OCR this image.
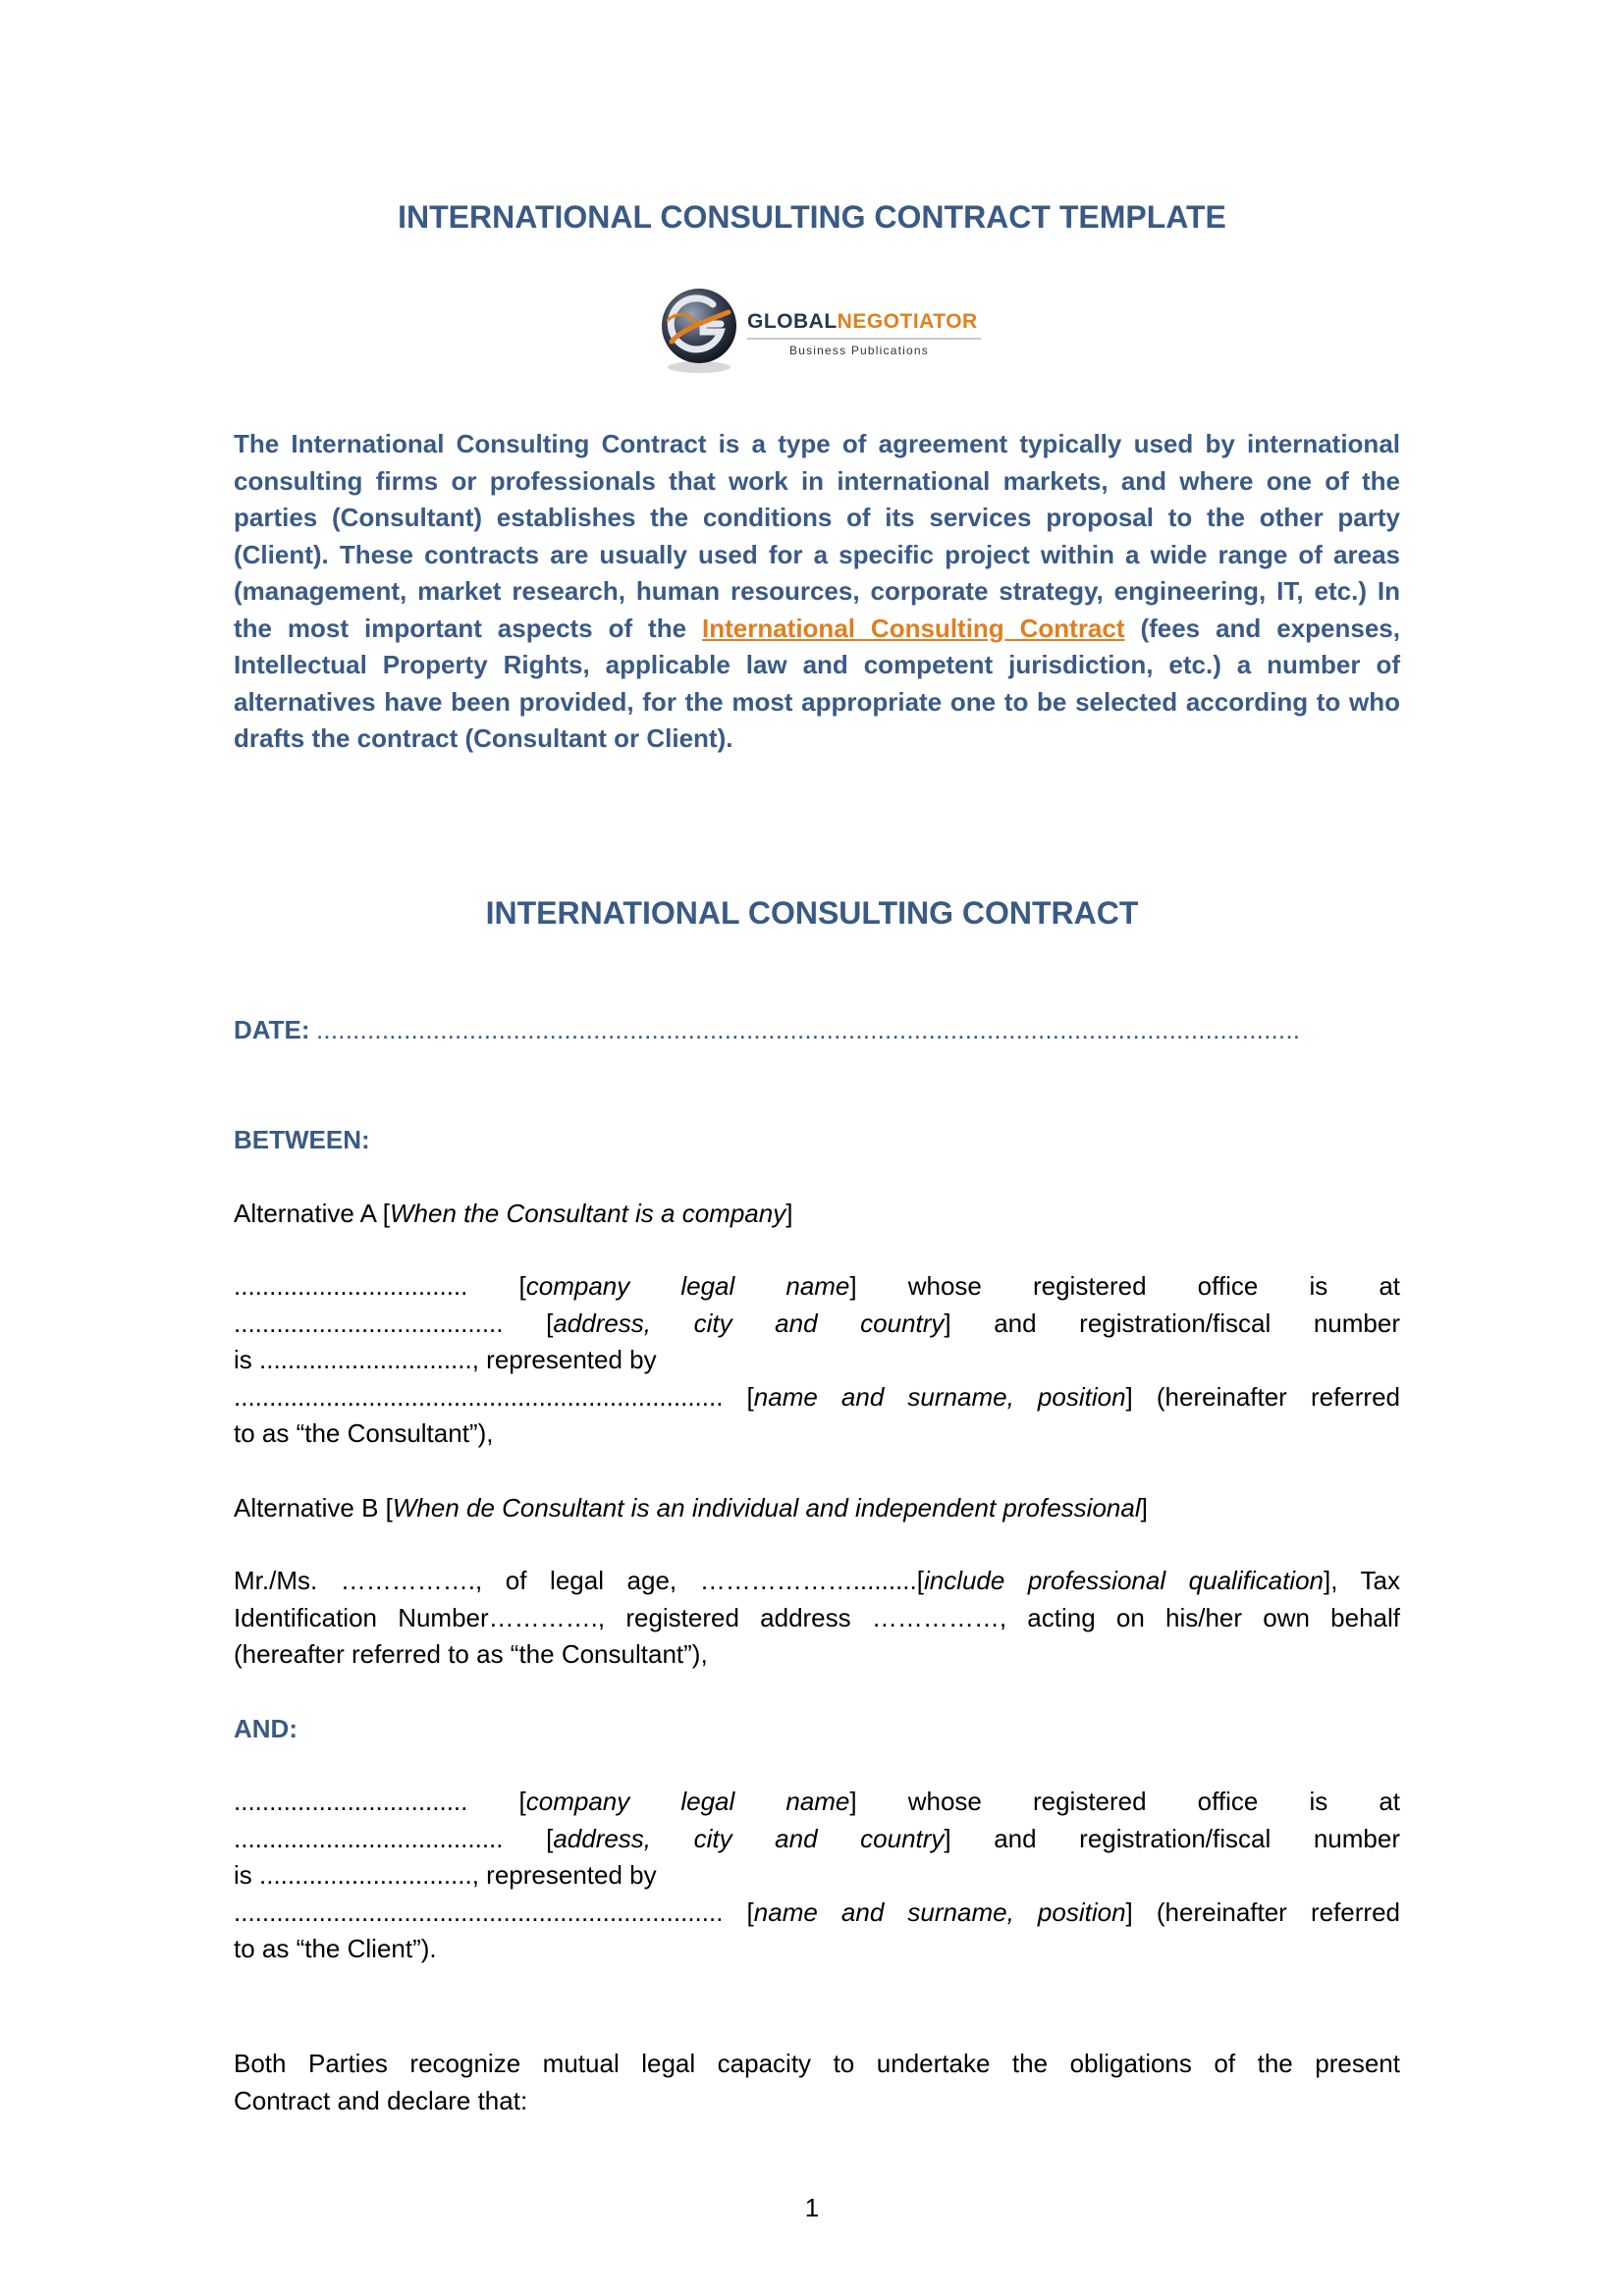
INTERNATIONAL CONSULTING CONTRACT TEMPLATE
GLOBALNEGOTIATOR
Business Publications

The International Consulting Contract is a type of agreement typically used by international consulting firms or professionals that work in international markets, and where one of the parties (Consultant) establishes the conditions of its services proposal to the other party (Client). These contracts are usually used for a specific project within a wide range of areas (management, market research, human resources, corporate strategy, engineering, IT, etc.) In the most important aspects of the International Consulting Contract (fees and expenses, Intellectual Property Rights, applicable law and competent jurisdiction, etc.) a number of alternatives have been provided, for the most appropriate one to be selected according to who drafts the contract (Consultant or Client).

INTERNATIONAL CONSULTING CONTRACT
DATE: .......................................................................................................................................
BETWEEN:
Alternative A [When the Consultant is a company]
................................. [company legal name] whose registered office is at
...................................... [address, city and country] and registration/fiscal number
is .............................., represented by
..................................................................... [name and surname, position] (hereinafter referred
to as “the Consultant”),
Alternative B [When de Consultant is an individual and independent professional]
Mr./Ms. ……………., of legal age, ……………….........[include professional qualification], Tax
Identification Number…………., registered address ……………, acting on his/her own behalf
(hereafter referred to as “the Consultant”),
AND:
................................. [company legal name] whose registered office is at
...................................... [address, city and country] and registration/fiscal number
is .............................., represented by
..................................................................... [name and surname, position] (hereinafter referred
to as “the Client”).
Both Parties recognize mutual legal capacity to undertake the obligations of the present
Contract and declare that:
1
